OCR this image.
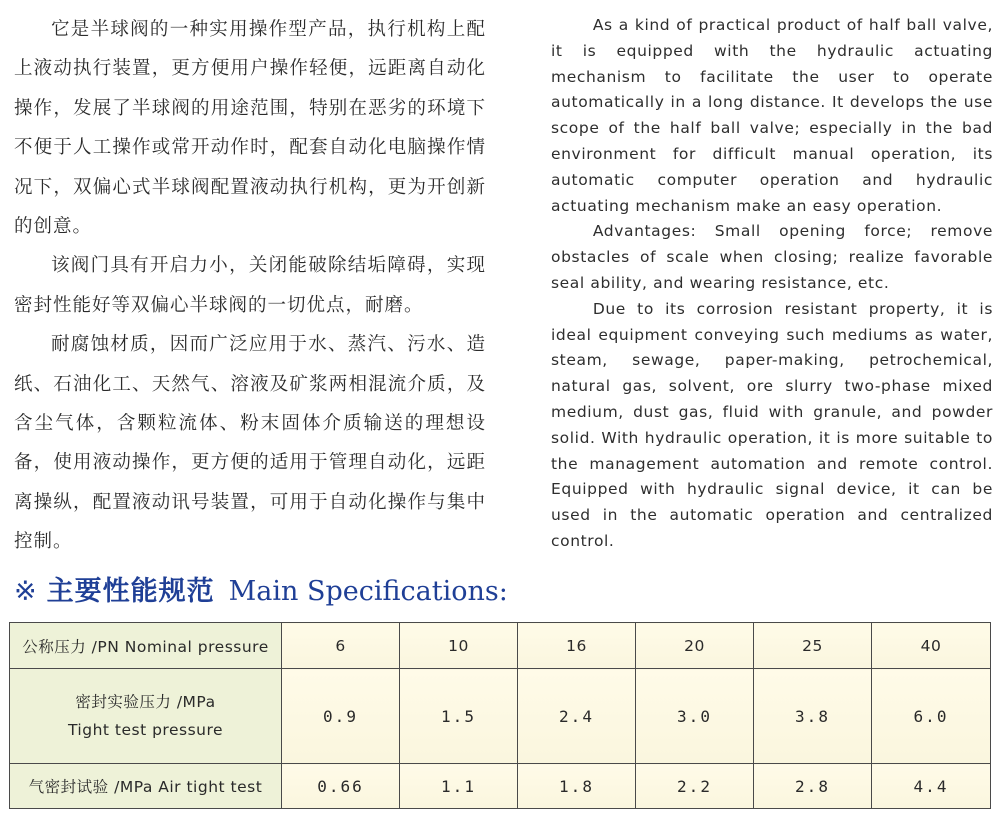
它是半球阀的一种实用操作型产品，执行机构上配上液动执行装置，更方便用户操作轻便，远距离自动化操作，发展了半球阀的用途范围，特别在恶劣的环境下不便于人工操作或常开动作时，配套自动化电脑操作情况下，双偏心式半球阀配置液动执行机构，更为开创新的创意。

该阀门具有开启力小，关闭能破除结垢障碍，实现密封性能好等双偏心半球阀的一切优点，耐磨。

耐腐蚀材质，因而广泛应用于水、蒸汽、污水、造纸、石油化工、天然气、溶液及矿浆两相混流介质，及含尘气体，含颗粒流体、粉末固体介质输送的理想设备，使用液动操作，更方便的适用于管理自动化，远距离操纵，配置液动讯号装置，可用于自动化操作与集中控制。

As a kind of practical product of half ball valve, it is equipped with the hydraulic actuating mechanism to facilitate the user to operate automatically in a long distance. It develops the use scope of the half ball valve; especially in the bad environment for difficult manual operation, its automatic computer operation and hydraulic actuating mechanism make an easy operation.

Advantages: Small opening force; remove obstacles of scale when closing; realize favorable seal ability, and wearing resistance, etc.

Due to its corrosion resistant property, it is ideal equipment conveying such mediums as water, steam, sewage, paper-making, petrochemical, natural gas, solvent, ore slurry two-phase mixed medium, dust gas, fluid with granule, and powder solid. With hydraulic operation, it is more suitable to the management automation and remote control. Equipped with hydraulic signal device, it can be used in the automatic operation and centralized control.

※ 主要性能规范 Main Specifications:
公称压力 /PN Nominal pressure	6	10	16	20	25	40
密封实验压力 /MPa
Tight test pressure	0.9	1.5	2.4	3.0	3.8	6.0
气密封试验 /MPa Air tight test	0.66	1.1	1.8	2.2	2.8	4.4
